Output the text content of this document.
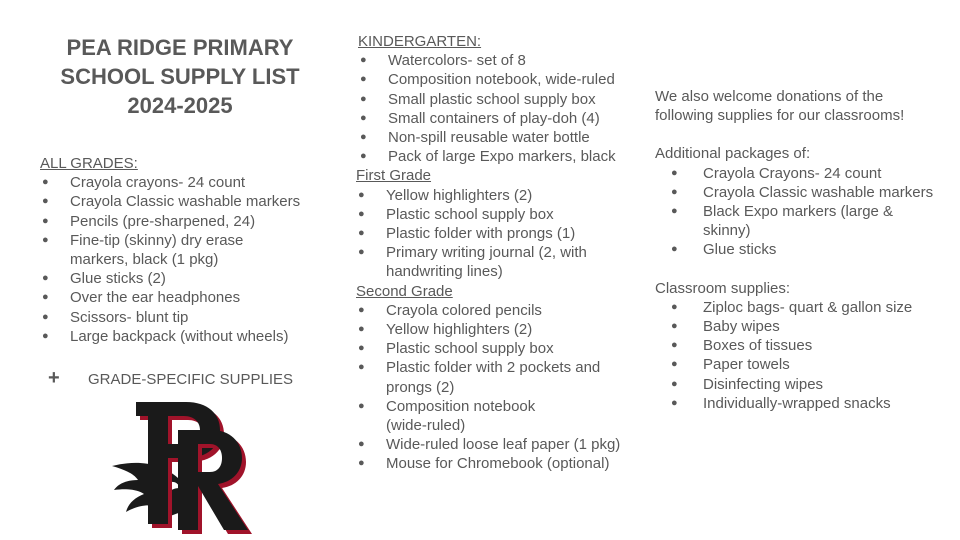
PEA RIDGE PRIMARY
SCHOOL SUPPLY LIST
2024-2025
ALL GRADES:
● Crayola crayons- 24 count
● Crayola Classic washable markers
● Pencils (pre-sharpened, 24)
● Fine-tip (skinny) dry erase markers, black (1 pkg)
● Glue sticks (2)
● Over the ear headphones
● Scissors- blunt tip
● Large backpack (without wheels)
+ GRADE-SPECIFIC SUPPLIES
KINDERGARTEN:
● Watercolors- set of 8
● Composition notebook, wide-ruled
● Small plastic school supply box
● Small containers of play-doh (4)
● Non-spill reusable water bottle
● Pack of large Expo markers, black
First Grade
● Yellow highlighters (2)
● Plastic school supply box
● Plastic folder with prongs (1)
● Primary writing journal (2, with handwriting lines)
Second Grade
● Crayola colored pencils
● Yellow highlighters (2)
● Plastic school supply box
● Plastic folder with 2 pockets and prongs (2)
● Composition notebook (wide-ruled)
● Wide-ruled loose leaf paper (1 pkg)
● Mouse for Chromebook (optional)

We also welcome donations of the following supplies for our classrooms!

Additional packages of:

● Crayola Crayons- 24 count
● Crayola Classic washable markers
● Black Expo markers (large & skinny)
● Glue sticks

Classroom supplies:

● Ziploc bags- quart & gallon size
● Baby wipes
● Boxes of tissues
● Paper towels
● Disinfecting wipes
● Individually-wrapped snacks
